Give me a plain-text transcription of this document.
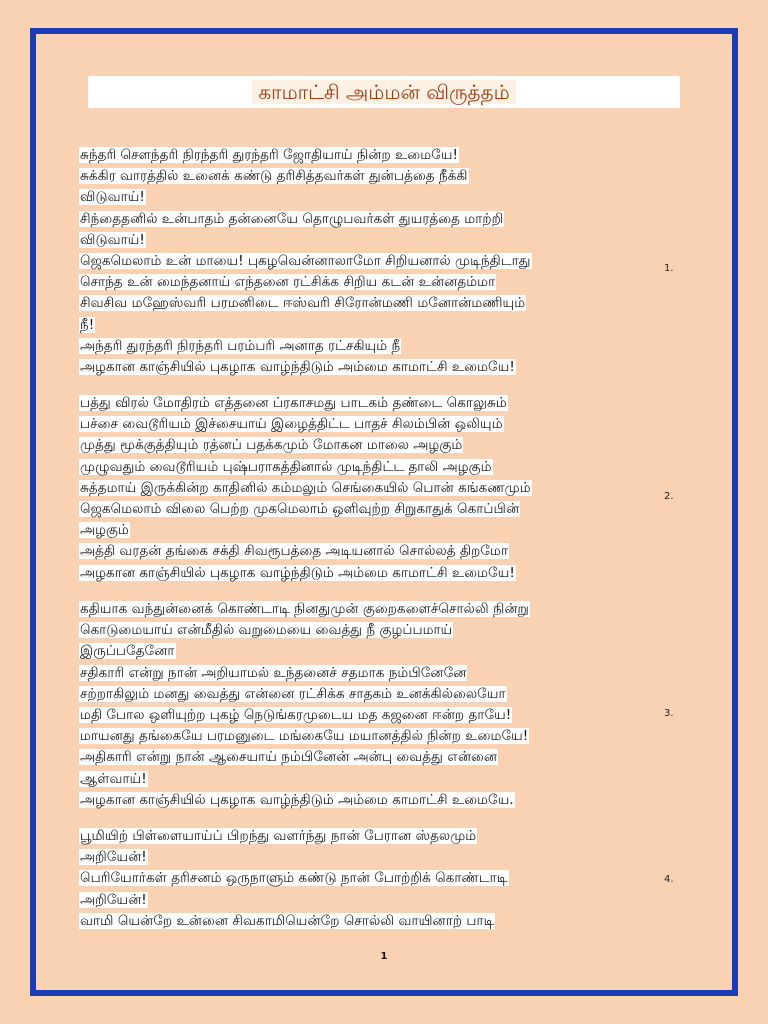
காமாட்சி அம்மன் விருத்தம்
சுந்தரி சௌந்தரி நிரந்தரி துரந்தரி ஜோதியாய் நின்ற உமையே!
சுக்கிர வாரத்தில் உனைக் கண்டு தரிசித்தவர்கள் துன்பத்தை நீக்கி
விடுவாய்!
சிந்தைதனில் உன்பாதம் தன்னையே தொழுபவர்கள் துயரத்தை மாற்றி
விடுவாய்!
ஜெகமெலாம் உன் மாயை! புகழவென்னாலாமோ சிறியனால் முடிந்திடாது
சொந்த உன் மைந்தனாய் எந்தனை ரட்சிக்க சிறிய கடன் உன்னதம்மா
சிவசிவ மஹேஸ்வரி பரமனிடை ஈஸ்வரி சிரோன்மணி மனோன்மணியும்
நீ!
அந்தரி துரந்தரி நிரந்தரி பரம்பரி அனாத ரட்சகியும் நீ
அழகான காஞ்சியில் புகழாக வாழ்ந்திடும் அம்மை காமாட்சி உமையே!
1.
பத்து விரல் மோதிரம் எத்தனை ப்ரகாசமது பாடகம் தண்டை கொலுசும்
பச்சை வைடூரியம் இச்சையாய் இழைத்திட்ட பாதச் சிலம்பின் ஒலியும்
முத்து மூக்குத்தியும் ரத்னப் பதக்கமும் மோகன மாலை அழகும்
முழுவதும் வைடூரியம் புஷ்பராகத்தினால் முடிந்திட்ட தாலி அழகும்
சுத்தமாய் இருக்கின்ற காதினில் கம்மலும் செங்கையில் பொன் கங்கணமும்
ஜெகமெலாம் விலை பெற்ற முகமெலாம் ஒளிவுற்ற சிறுகாதுக் கொப்பின்
அழகும்
அத்தி வரதன் தங்கை சக்தி சிவரூபத்தை அடியனால் சொல்லத் திறமோ
அழகான காஞ்சியில் புகழாக வாழ்ந்திடும் அம்மை காமாட்சி உமையே!
2.
கதியாக வந்துன்னைக் கொண்டாடி நினதுமுன் குறைகளைச்சொல்லி நின்று
கொடுமையாய் என்மீதில் வறுமையை வைத்து நீ குழப்பமாய்
இருப்பதேனோ
சதிகாரி என்று நான் அறியாமல் உந்தனைச் சதமாக நம்பினேனே
சற்றாகிலும் மனது வைத்து என்னை ரட்சிக்க சாதகம் உனக்கில்லையோ
மதி போல ஒளியுற்ற புகழ் நெடுங்கரமுடைய மத கஜனை ஈன்ற தாயே!
மாயனது தங்கையே பரமனுடை மங்கையே மயானத்தில் நின்ற உமையே!
அதிகாரி என்று நான் ஆசையாய் நம்பினேன் அன்பு வைத்து என்னை
ஆள்வாய்!
அழகான காஞ்சியில் புகழாக வாழ்ந்திடும் அம்மை காமாட்சி உமையே.
3.
பூமியிற் பிள்ளையாய்ப் பிறந்து வளர்ந்து நான் பேரான ஸ்தலமும்
அறியேன்!
பெரியோர்கள் தரிசனம் ஒருநாளும் கண்டு நான் போற்றிக் கொண்டாடி
அறியேன்!
வாமி யென்றே உன்னை சிவகாமியென்றே சொல்லி வாயினாற் பாடி
4.
1
